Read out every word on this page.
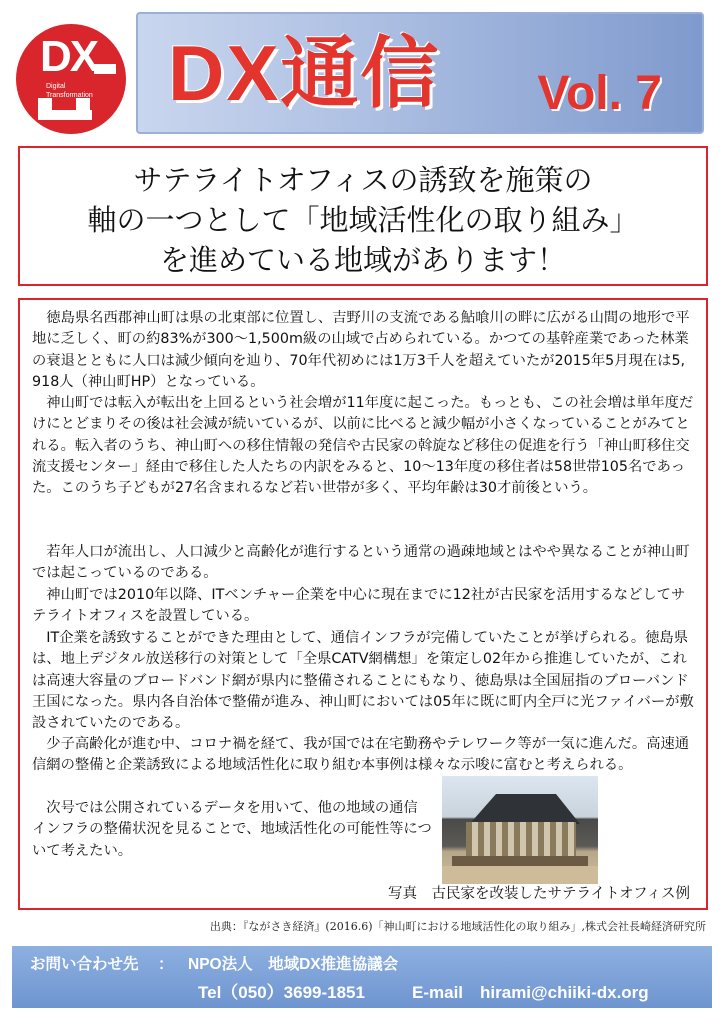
DX
Digital
Transformation DX通信 Vol. 7
サテライトオフィスの誘致を施策の
軸の一つとして「地域活性化の取り組み」
を進めている地域があります！

徳島県名西郡神山町は県の北東部に位置し、吉野川の支流である鮎喰川の畔に広がる山間の地形で平地に乏しく、町の約83%が300〜1,500m級の山域で占められている。かつての基幹産業であった林業の衰退とともに人口は減少傾向を辿り、70年代初めには1万3千人を超えていたが2015年5月現在は5,918人（神山町HP）となっている。

神山町では転入が転出を上回るという社会増が11年度に起こった。もっとも、この社会増は単年度だけにとどまりその後は社会減が続いているが、以前に比べると減少幅が小さくなっていることがみてとれる。転入者のうち、神山町への移住情報の発信や古民家の斡旋など移住の促進を行う「神山町移住交流支援センター」経由で移住した人たちの内訳をみると、10〜13年度の移住者は58世帯105名であった。このうち子どもが27名含まれるなど若い世帯が多く、平均年齢は30才前後という。

若年人口が流出し、人口減少と高齢化が進行するという通常の過疎地域とはやや異なることが神山町では起こっているのである。

神山町では2010年以降、ITベンチャー企業を中心に現在までに12社が古民家を活用するなどしてサテライトオフィスを設置している。

IT企業を誘致することができた理由として、通信インフラが完備していたことが挙げられる。徳島県は、地上デジタル放送移行の対策として「全県CATV網構想」を策定し02年から推進していたが、これは高速大容量のブロードバンド網が県内に整備されることにもなり、徳島県は全国屈指のブローバンド王国になった。県内各自治体で整備が進み、神山町においては05年に既に町内全戸に光ファイバーが敷設されていたのである。

少子高齢化が進む中、コロナ禍を経て、我が国では在宅勤務やテレワーク等が一気に進んだ。高速通信網の整備と企業誘致による地域活性化に取り組む本事例は様々な示唆に富むと考えられる。

次号では公開されているデータを用いて、他の地域の通信インフラの整備状況を見ることで、地域活性化の可能性等について考えたい。

写真　古民家を改装したサテライトオフィス例
出典：『ながさき経済』(2016.6)「神山町における地域活性化の取り組み」,株式会社長崎経済研究所
お問い合わせ先 ： NPO法人　地域DX推進協議会
Tel（050）3699-1851	E-mail　hirami@chiiki-dx.org
